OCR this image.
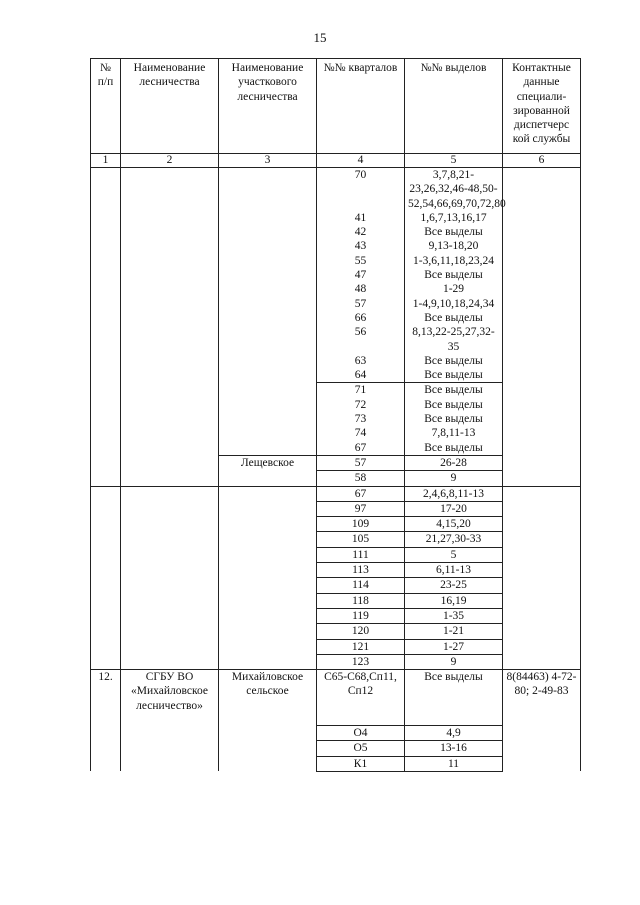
15
№ п/п	Наименование лесничества	Наименование участкового лесничества	№№ кварталов	№№ выделов	Контактные данные специали-зированной диспетчерс кой службы
1	2	3	4	5	6
			70	3,7,8,21-23,26,32,46-48,50-52,54,66,69,70,72,80	
			41	1,6,7,13,16,17	
			42	Все выделы	
			43	9,13-18,20	
			55	1-3,6,11,18,23,24	
			47	Все выделы	
			48	1-29	
			57	1-4,9,10,18,24,34	
			66	Все выделы	
			56	8,13,22-25,27,32-35	
			63	Все выделы	
			64	Все выделы	
			71	Все выделы	
			72	Все выделы	
			73	Все выделы	
			74	7,8,11-13	
			67	Все выделы	
		Лещевское	57	26-28	
			58	9	
			67	2,4,6,8,11-13	
			97	17-20	
			109	4,15,20	
			105	21,27,30-33	
			111	5	
			113	6,11-13	
			114	23-25	
			118	16,19	
			119	1-35	
			120	1-21	
			121	1-27	
			123	9	
12.	СГБУ ВО «Михайловское лесничество»	Михайловское сельское	С65-С68,Сп11, Сп12	Все выделы	8(84463) 4-72-80; 2-49-83
			О4	4,9	
			О5	13-16	
			К1	11	
